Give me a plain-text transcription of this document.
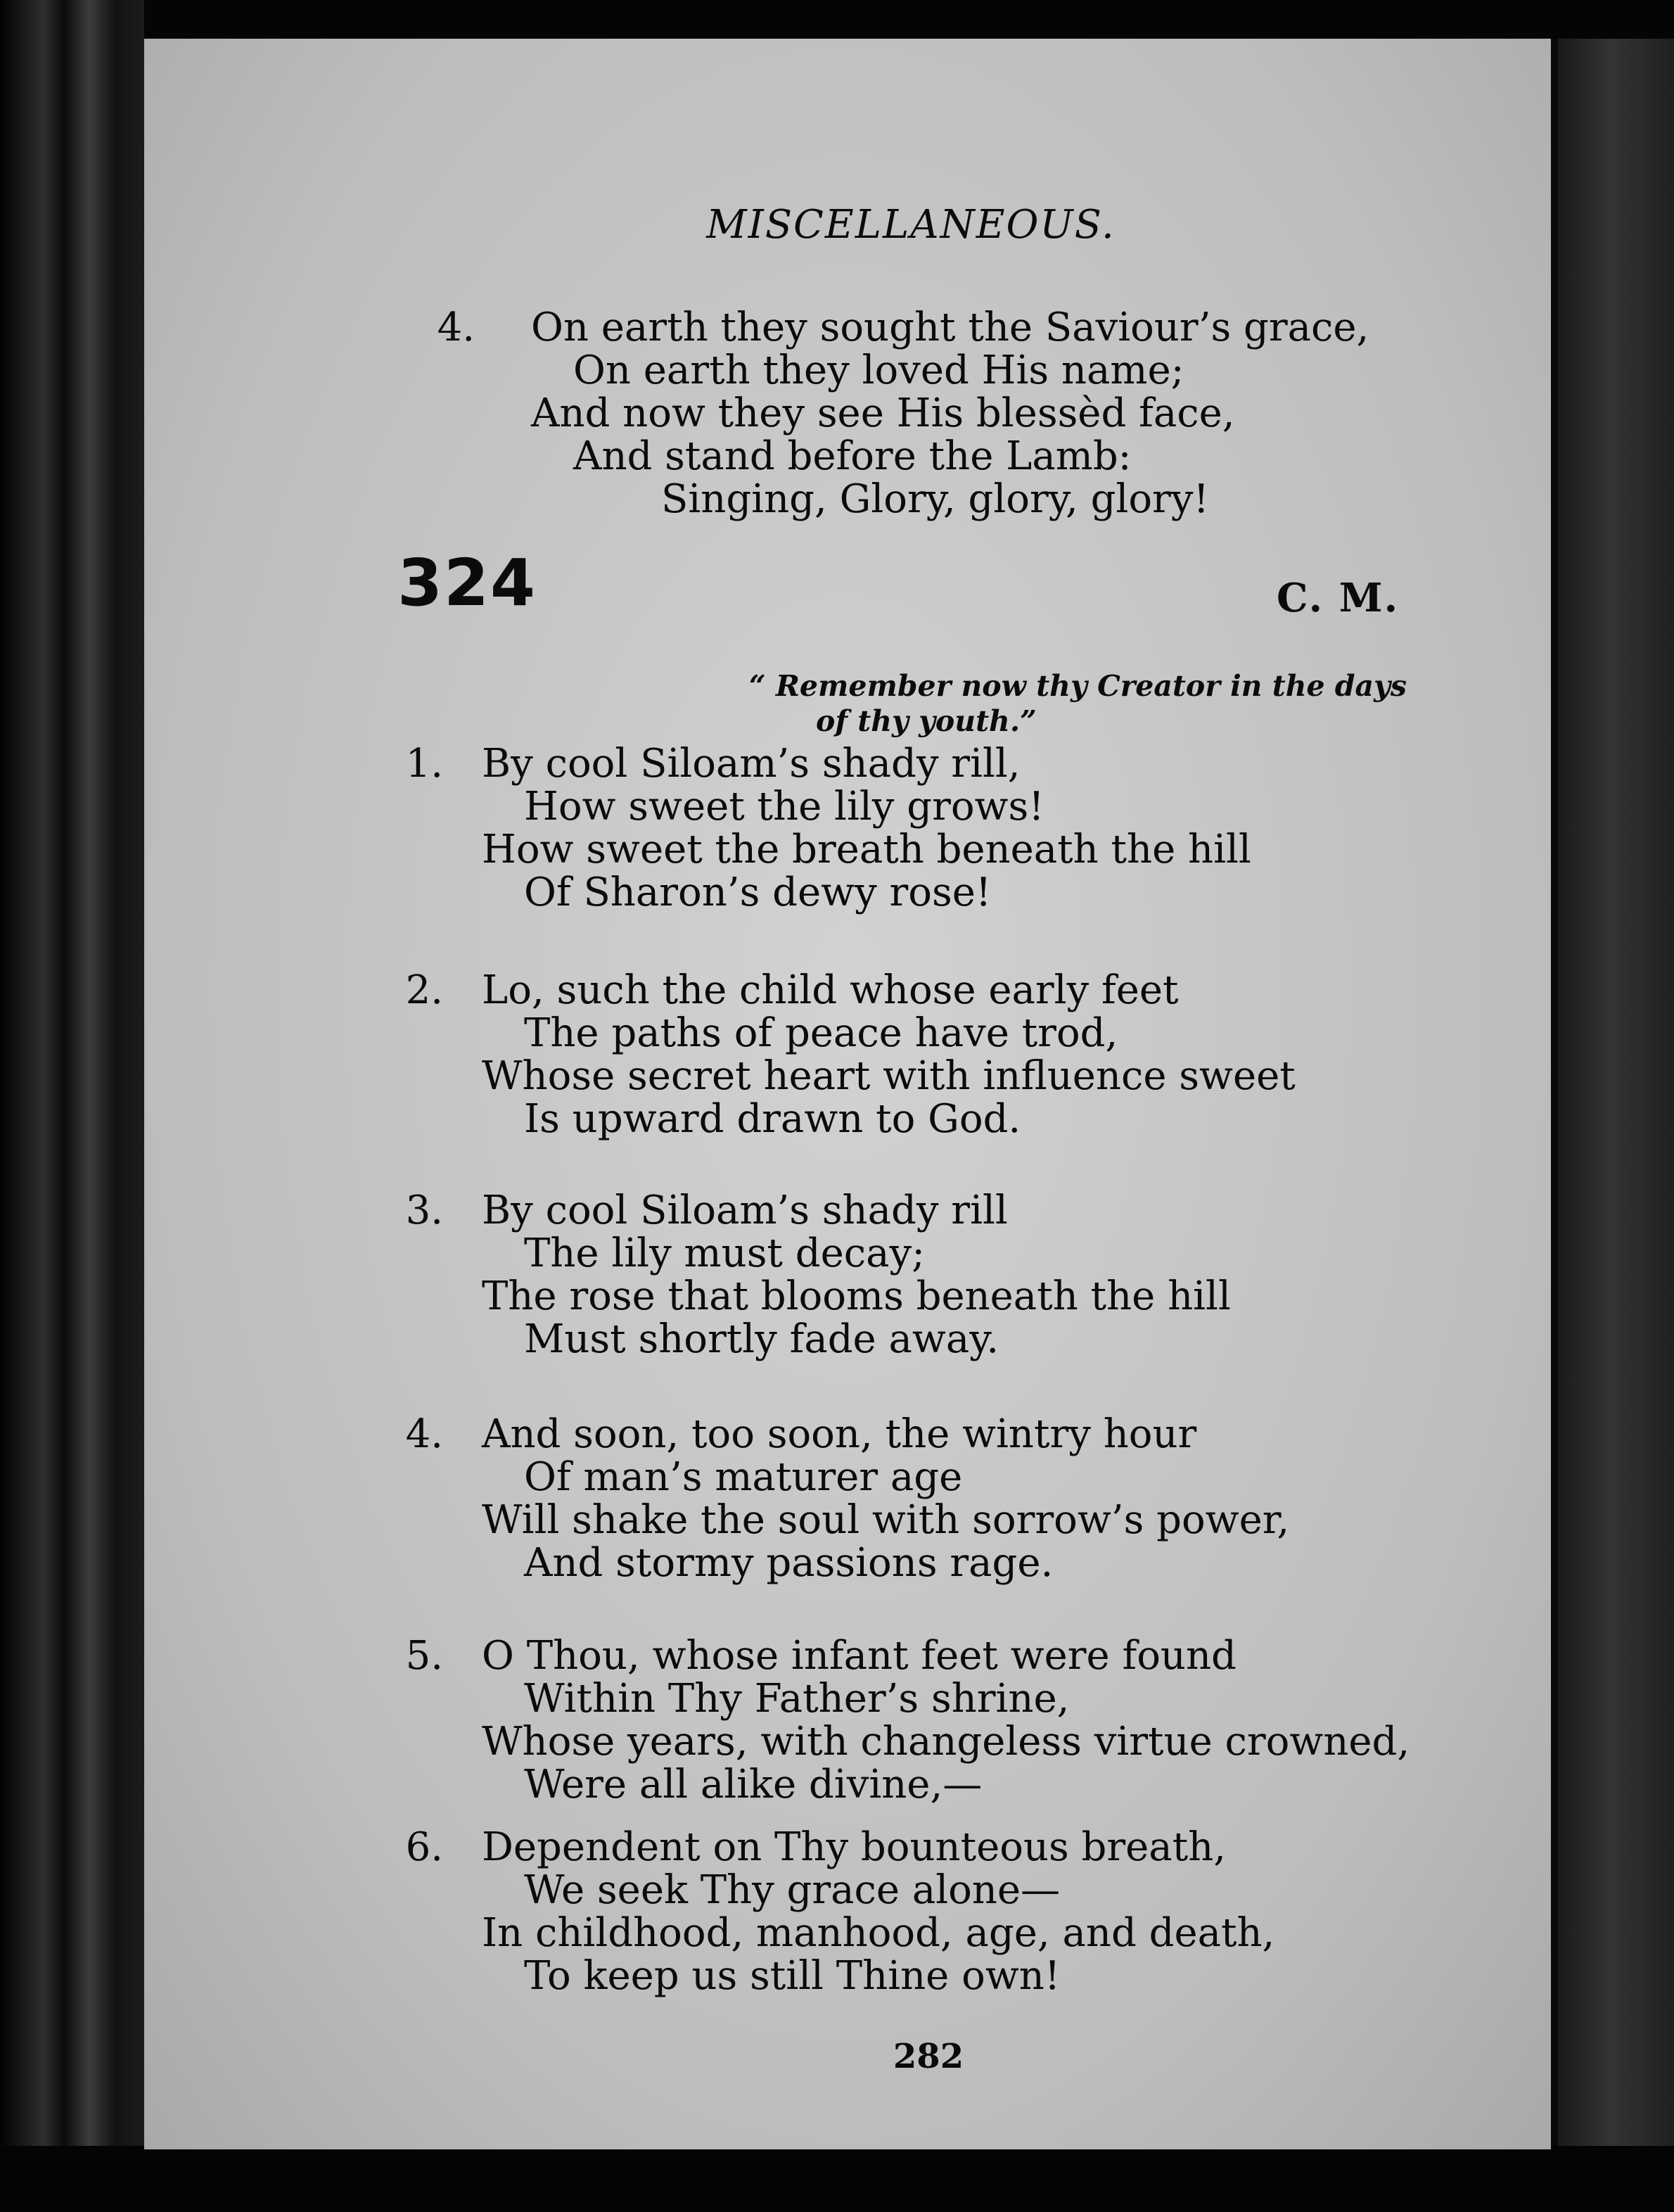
MISCELLANEOUS.
4.	On earth they sought the Saviour’s grace,
On earth they loved His name;
And now they see His blessèd face,
And stand before the Lamb:
Singing, Glory, glory, glory!
324	C. M.
“ Remember now thy Creator in the days
of thy youth.”
1. By cool Siloam’s shady rill,
How sweet the lily grows!
How sweet the breath beneath the hill
Of Sharon’s dewy rose!
2. Lo, such the child whose early feet
The paths of peace have trod,
Whose secret heart with influence sweet
Is upward drawn to God.
3. By cool Siloam’s shady rill
The lily must decay;
The rose that blooms beneath the hill
Must shortly fade away.
4. And soon, too soon, the wintry hour
Of man’s maturer age
Will shake the soul with sorrow’s power,
And stormy passions rage.
5. O Thou, whose infant feet were found
Within Thy Father’s shrine,
Whose years, with changeless virtue crowned,
Were all alike divine,—
6. Dependent on Thy bounteous breath,
We seek Thy grace alone—
In childhood, manhood, age, and death,
To keep us still Thine own!
282
